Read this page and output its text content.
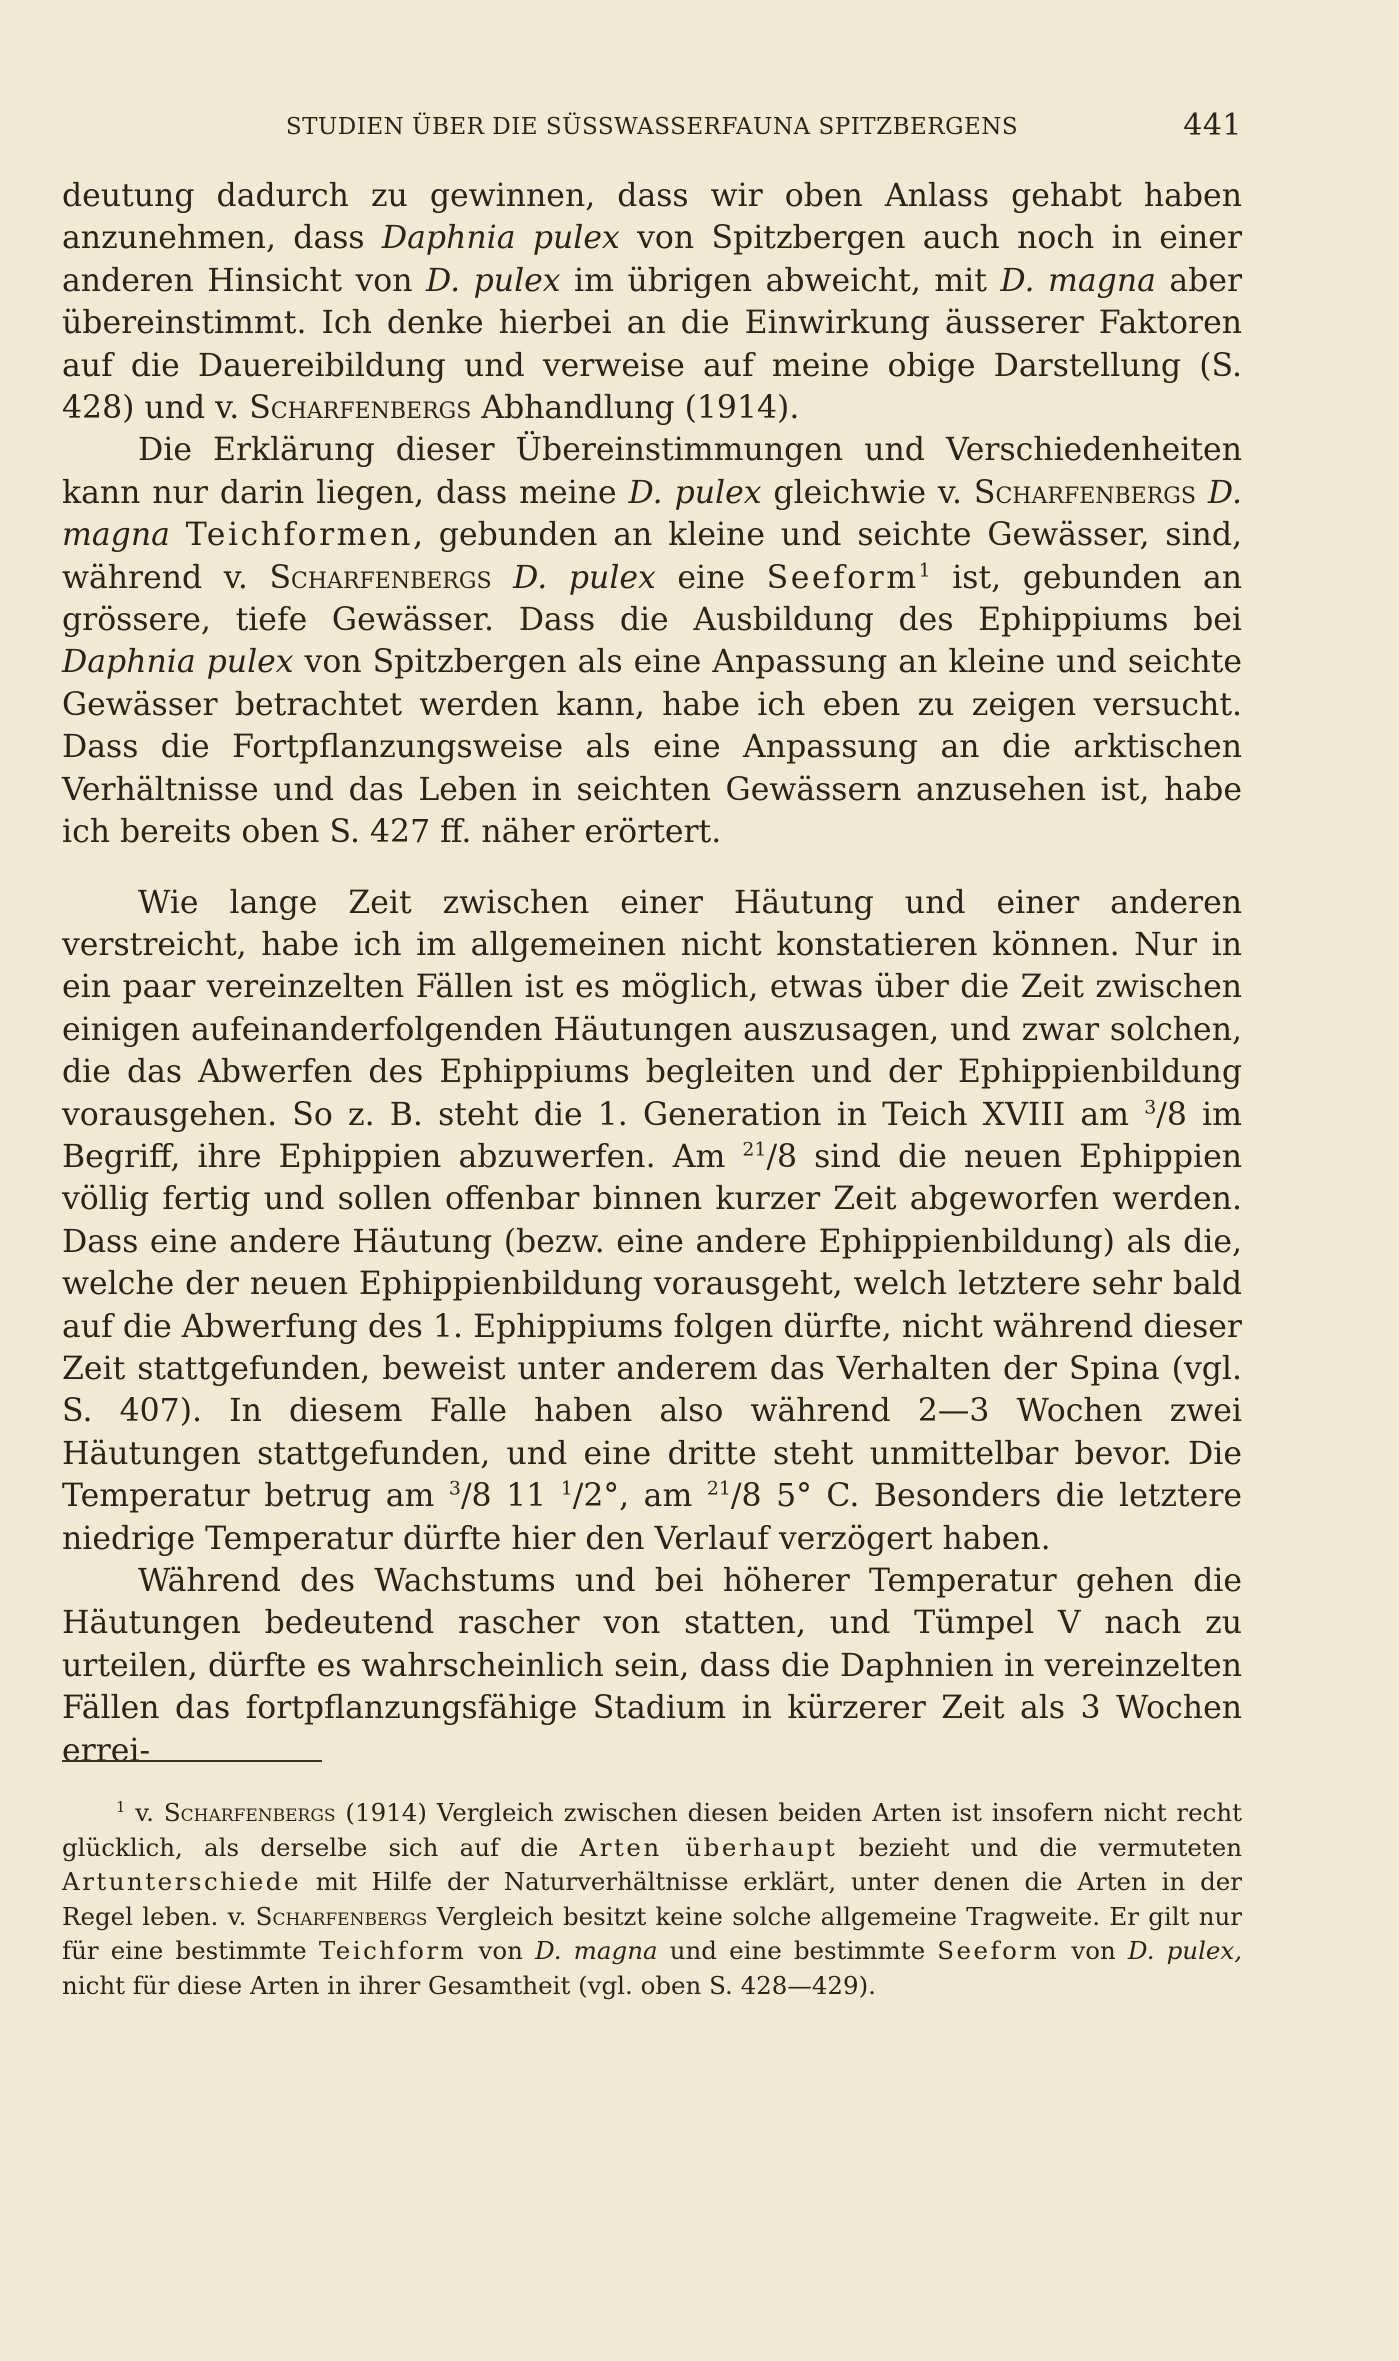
STUDIEN ÜBER DIE SÜSSWASSERFAUNA SPITZBERGENS	441

deutung dadurch zu gewinnen, dass wir oben Anlass gehabt haben anzunehmen, dass Daphnia pulex von Spitzbergen auch noch in einer anderen Hinsicht von D. pulex im übrigen abweicht, mit D. magna aber übereinstimmt. Ich denke hierbei an die Einwirkung äusserer Faktoren auf die Dauereibildung und verweise auf meine obige Darstellung (S. 428) und v. Scharfenbergs Abhandlung (1914).

Die Erklärung dieser Übereinstimmungen und Verschiedenheiten kann nur darin liegen, dass meine D. pulex gleichwie v. Scharfenbergs D. magna Teichformen, gebunden an kleine und seichte Gewässer, sind, während v. Scharfenbergs D. pulex eine Seeform$^1$ ist, gebunden an grössere, tiefe Gewässer. Dass die Ausbildung des Ephippiums bei Daphnia pulex von Spitzbergen als eine Anpassung an kleine und seichte Gewässer betrachtet werden kann, habe ich eben zu zeigen versucht. Dass die Fortpflanzungsweise als eine Anpassung an die arktischen Verhältnisse und das Leben in seichten Gewässern anzusehen ist, habe ich bereits oben S. 427 ff. näher erörtert.

Wie lange Zeit zwischen einer Häutung und einer anderen verstreicht, habe ich im allgemeinen nicht konstatieren können. Nur in ein paar vereinzelten Fällen ist es möglich, etwas über die Zeit zwischen einigen aufeinanderfolgenden Häutungen auszusagen, und zwar solchen, die das Abwerfen des Ephippiums begleiten und der Ephippienbildung vorausgehen. So z. B. steht die 1. Generation in Teich XVIII am $^3$/8 im Begriff, ihre Ephippien abzuwerfen. Am $^{21}$/8 sind die neuen Ephippien völlig fertig und sollen offenbar binnen kurzer Zeit abgeworfen werden. Dass eine andere Häutung (bezw. eine andere Ephippienbildung) als die, welche der neuen Ephippienbildung vorausgeht, welch letztere sehr bald auf die Abwerfung des 1. Ephippiums folgen dürfte, nicht während dieser Zeit stattgefunden, beweist unter anderem das Verhalten der Spina (vgl. S. 407). In diesem Falle haben also während 2—3 Wochen zwei Häutungen stattgefunden, und eine dritte steht unmittelbar bevor. Die Temperatur betrug am $^3$/8 11 $^1$/2°, am $^{21}$/8 5° C. Besonders die letztere niedrige Temperatur dürfte hier den Verlauf verzögert haben.

Während des Wachstums und bei höherer Temperatur gehen die Häutungen bedeutend rascher von statten, und Tümpel V nach zu urteilen, dürfte es wahrscheinlich sein, dass die Daphnien in vereinzelten Fällen das fortpflanzungsfähige Stadium in kürzerer Zeit als 3 Wochen errei-

$^1$ v. Scharfenbergs (1914) Vergleich zwischen diesen beiden Arten ist insofern nicht recht glücklich, als derselbe sich auf die Arten überhaupt bezieht und die vermuteten Artunterschiede mit Hilfe der Naturverhältnisse erklärt, unter denen die Arten in der Regel leben. v. Scharfenbergs Vergleich besitzt keine solche allgemeine Tragweite. Er gilt nur für eine bestimmte Teichform von D. magna und eine bestimmte Seeform von D. pulex, nicht für diese Arten in ihrer Gesamtheit (vgl. oben S. 428—429).
